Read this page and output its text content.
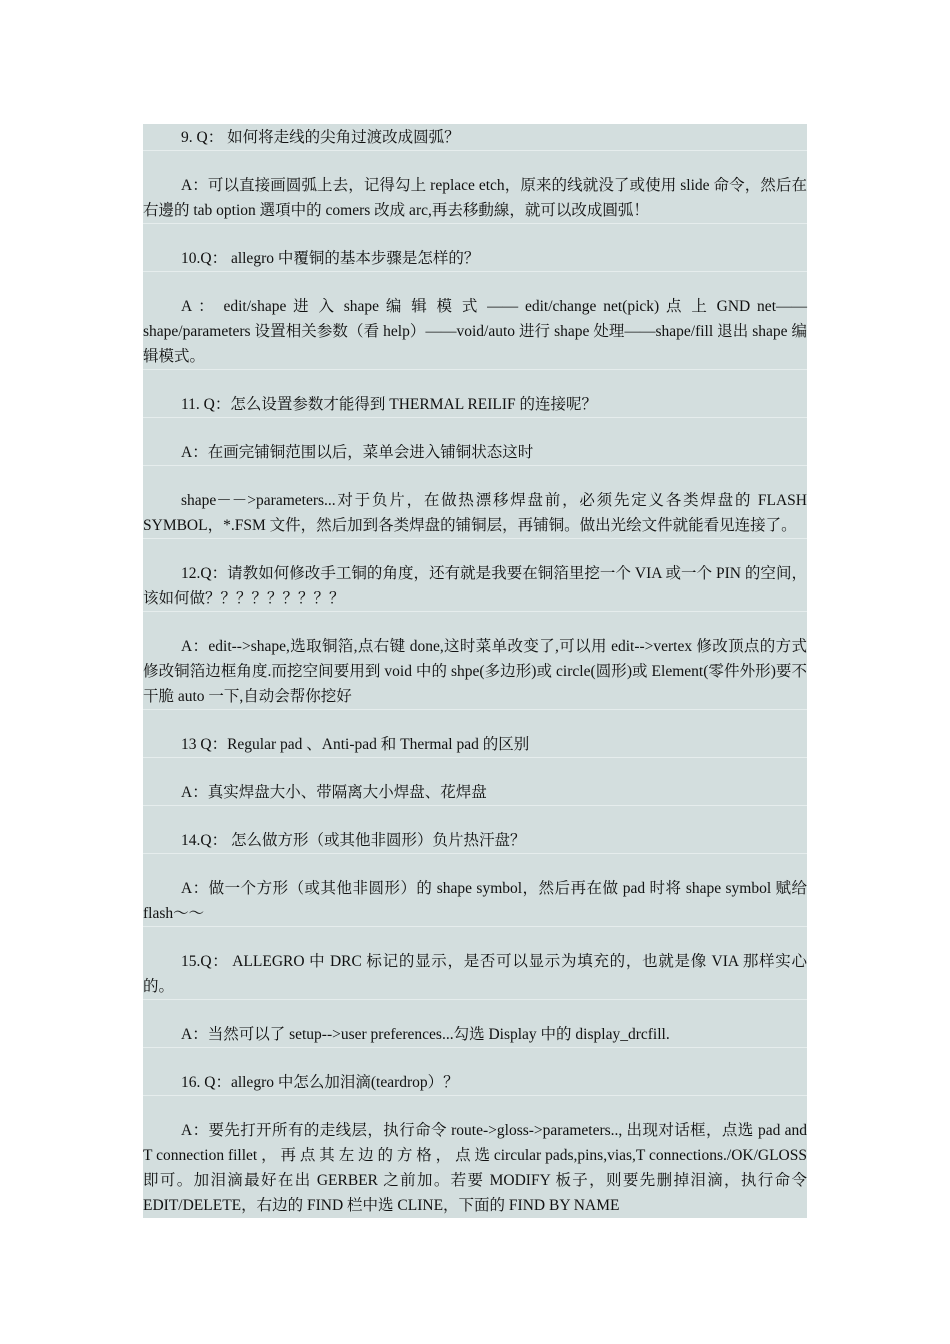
9. Q： 如何将走线的尖角过渡改成圆弧？
A：可以直接画圆弧上去，记得勾上 replace etch，原来的线就没了或使用 slide 命令，然后在右邊的 tab option 選項中的 comers 改成 arc,再去移動線，就可以改成圓弧！
10.Q： allegro 中覆铜的基本步骤是怎样的？
A ： edit/shape 进 入 shape 编 辑 模 式 —— edit/change net(pick) 点 上 GND net——shape/parameters 设置相关参数（看 help）——void/auto 进行 shape 处理——shape/fill 退出 shape 编辑模式。
11. Q：怎么设置参数才能得到 THERMAL REILIF 的连接呢？
A：在画完铺铜范围以后，菜单会进入铺铜状态这时
shape－－>parameters...对于负片，在做热漂移焊盘前，必须先定义各类焊盘的 FLASH SYMBOL，*.FSM 文件，然后加到各类焊盘的铺铜层，再铺铜。做出光绘文件就能看见连接了。
12.Q：请教如何修改手工铜的角度，还有就是我要在铜箔里挖一个 VIA 或一个 PIN 的空间，该如何做？？？？？？？？？
A：edit-->shape,选取铜箔,点右键 done,这时菜单改变了,可以用 edit-->vertex 修改顶点的方式修改铜箔边框角度.而挖空间要用到 void 中的 shpe(多边形)或 circle(圆形)或 Element(零件外形)要不干脆 auto 一下,自动会帮你挖好
13 Q：Regular pad 、Anti-pad 和 Thermal pad 的区别
A：真实焊盘大小、带隔离大小焊盘、花焊盘
14.Q： 怎么做方形（或其他非圆形）负片热汗盘？
A：做一个方形（或其他非圆形）的 shape symbol，然后再在做 pad 时将 shape symbol 赋给 flash～～
15.Q： ALLEGRO 中 DRC 标记的显示，是否可以显示为填充的，也就是像 VIA 那样实心的。
A：当然可以了 setup-->user preferences...勾选 Display 中的 display_drcfill.
16. Q：allegro 中怎么加泪滴(teardrop）？
A：要先打开所有的走线层，执行命令 route->gloss->parameters.., 出现对话框，点选 pad and T connection fillet ， 再 点 其 左 边 的 方 格 ， 点 选 circular pads,pins,vias,T connections./OK/GLOSS 即可。加泪滴最好在出 GERBER 之前加。若要 MODIFY 板子，则要先删掉泪滴，执行命令 EDIT/DELETE，右边的 FIND 栏中选 CLINE，下面的 FIND BY NAME
